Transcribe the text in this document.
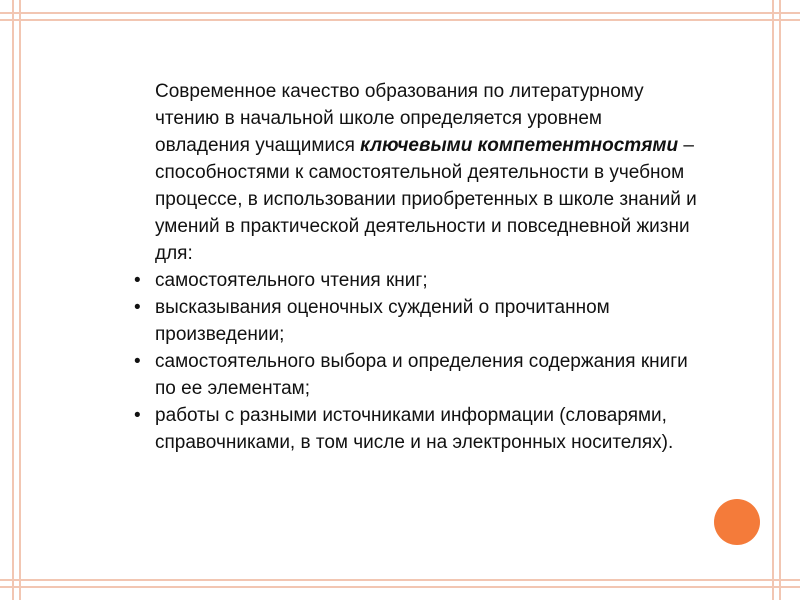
Современное качество образования по литературному чтению в начальной школе определяется уровнем овладения учащимися ключевыми компетентностями – способностями к самостоятельной деятельности в учебном процессе, в использовании приобретенных в школе знаний и умений в практической деятельности и повседневной жизни для:

• самостоятельного чтения книг;
• высказывания оценочных суждений о прочитанном произведении;
• самостоятельного выбора и определения содержания книги по ее элементам;
• работы с разными источниками информации (словарями, справочниками, в том числе и на электронных носителях).
